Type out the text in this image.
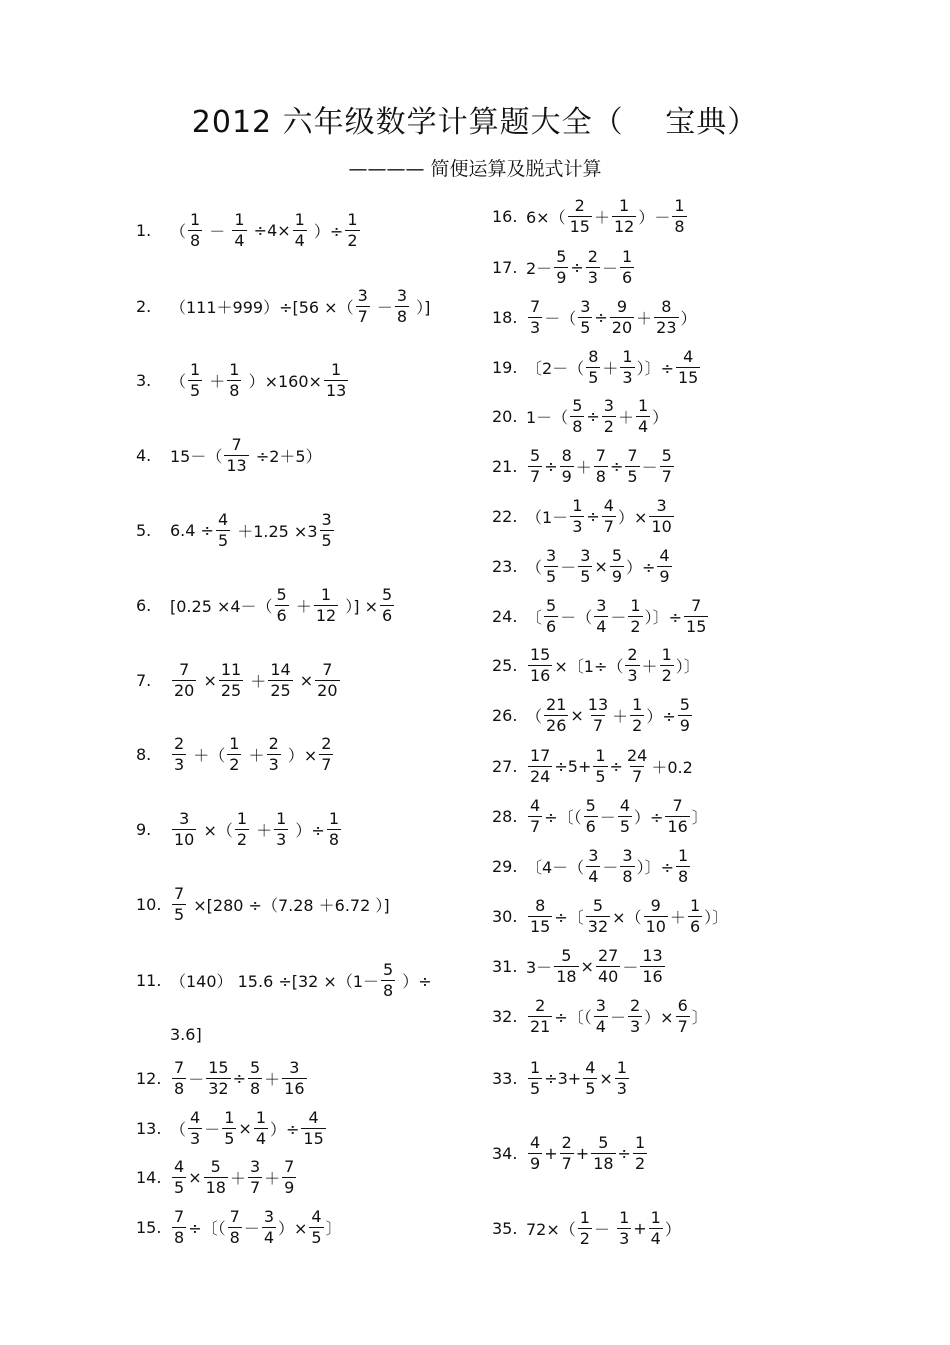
2012 六年级数学计算题大全（　 宝典）
———— 简便运算及脱式计算
1.	（ $\frac{1}{8} - \frac{1}{4} \div 4\times \frac{1}{4}$ ）÷ $\frac{1}{2}$
2.	（111＋999）÷[56 ×（ $\frac{3}{7} - \frac{3}{8}$ ）]
3.	（ $\frac{1}{5} + \frac{1}{8} )\times 160\times \frac{1}{13}$
4.	$15-( \frac{7}{13} \div 2+5)$
5.	$6.4 \div \frac{4}{5} +1.25 \times 3 \frac{3}{5}$
6.	[$0.25 \times 4-( \frac{5}{6} + \frac{1}{12}$ ）] × $\frac{5}{6}$
7.	$\frac{7}{20} \times \frac{11}{25} + \frac{14}{25} \times \frac{7}{20}$
8.	$\frac{2}{3}$ ＋（ $\frac{1}{2} + \frac{2}{3}$ ）× $\frac{2}{7}$
9.	$\frac{3}{10}$ ×（ $\frac{1}{2} + \frac{1}{3}$ ）÷ $\frac{1}{8}$
10. $\frac{7}{5} \times[280 \div(7.28 +6.72$ ）]
11. （140） $15.6 \div[32 \times(1- \frac{5}{8}$ ）÷
12. $\frac{7}{8} - \frac{15}{32} \div \frac{5}{8} + \frac{3}{16}$
13. （ $\frac{4}{3} - \frac{1}{5} \times \frac{1}{4}$ ）÷ $\frac{4}{15}$
14. $\frac{4}{5} \times \frac{5}{18} + \frac{3}{7} + \frac{7}{9}$
15. $\frac{7}{8}$ ÷〔（ $\frac{7}{8} - \frac{3}{4}$ ）× $\frac{4}{5}$ 〕
16. $6\times( \frac{2}{15} + \frac{1}{12}$ ）－ $\frac{1}{8}$
17. $2- \frac{5}{9} \div \frac{2}{3} - \frac{1}{6}$
18. $\frac{7}{3}$ －（ $\frac{3}{5} \div \frac{9}{20} + \frac{8}{23}$ ）
19. 〔$2-( \frac{8}{5} + \frac{1}{3}$ ）〕÷ $\frac{4}{15}$
20. $1-( \frac{5}{8} \div \frac{3}{2} + \frac{1}{4}$ ）
21. $\frac{5}{7} \div \frac{8}{9} + \frac{7}{8} \div \frac{7}{5} - \frac{5}{7}$
22. （$1- \frac{1}{3} \div \frac{4}{7}$ ）× $\frac{3}{10}$
23. （ $\frac{3}{5} - \frac{3}{5} \times \frac{5}{9}$ ）÷ $\frac{4}{9}$
24. 〔 $\frac{5}{6}$ －（ $\frac{3}{4} - \frac{1}{2}$ ）〕÷ $\frac{7}{15}$
25. $\frac{15}{16}$ ×〔$1\div( \frac{2}{3} + \frac{1}{2}$ ）〕
26. （ $\frac{21}{26} \times \frac{13}{7} + \frac{1}{2}$ ）÷ $\frac{5}{9}$
27. $\frac{17}{24} \div 5+ \frac{1}{5} \div \frac{24}{7} +0.2$
28. $\frac{4}{7}$ ÷〔（ $\frac{5}{6} - \frac{4}{5}$ ）÷ $\frac{7}{16}$ 〕
29. 〔$4-( \frac{3}{4} - \frac{3}{8}$ ）〕÷ $\frac{1}{8}$
30. $\frac{8}{15}$ ÷〔 $\frac{5}{32}$ ×（ $\frac{9}{10} + \frac{1}{6}$ ）〕
31. $3- \frac{5}{18} \times \frac{27}{40} - \frac{13}{16}$
32. $\frac{2}{21}$ ÷〔（ $\frac{3}{4} - \frac{2}{3}$ ）× $\frac{6}{7}$ 〕
33. $\frac{1}{5} \div 3+ \frac{4}{5} \times \frac{1}{3}$
34. $\frac{4}{9} + \frac{2}{7} + \frac{5}{18} \div \frac{1}{2}$
35. $72\times( \frac{1}{2} - \frac{1}{3} + \frac{1}{4}$ ）
3.6]
